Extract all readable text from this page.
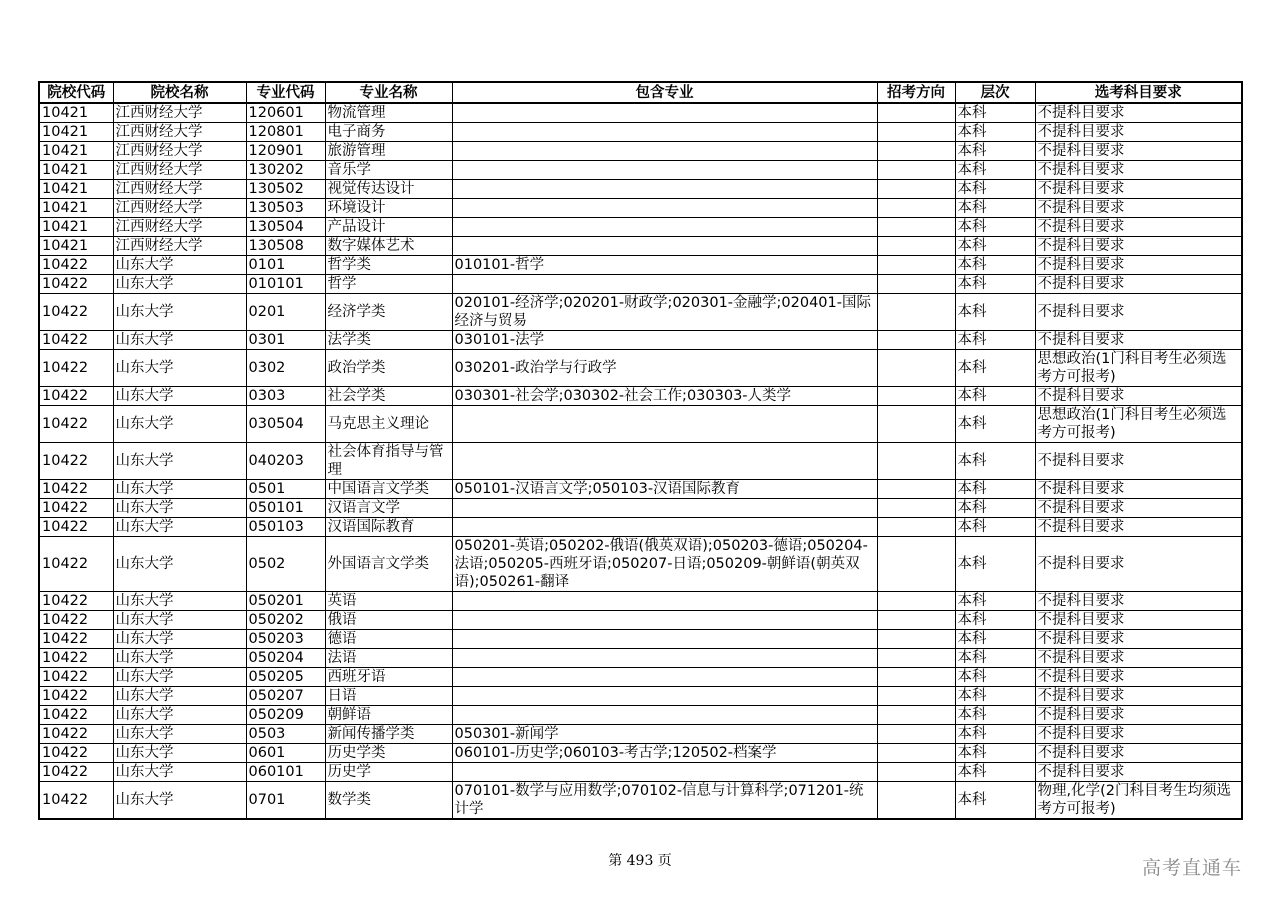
院校代码	院校名称	专业代码	专业名称	包含专业	招考方向	层次	选考科目要求
10421	江西财经大学	120601	物流管理			本科	不提科目要求
10421	江西财经大学	120801	电子商务			本科	不提科目要求
10421	江西财经大学	120901	旅游管理			本科	不提科目要求
10421	江西财经大学	130202	音乐学			本科	不提科目要求
10421	江西财经大学	130502	视觉传达设计			本科	不提科目要求
10421	江西财经大学	130503	环境设计			本科	不提科目要求
10421	江西财经大学	130504	产品设计			本科	不提科目要求
10421	江西财经大学	130508	数字媒体艺术			本科	不提科目要求
10422	山东大学	0101	哲学类	010101-哲学		本科	不提科目要求
10422	山东大学	010101	哲学			本科	不提科目要求
10422	山东大学	0201	经济学类	020101-经济学;020201-财政学;020301-金融学;020401-国际经济与贸易		本科	不提科目要求
10422	山东大学	0301	法学类	030101-法学		本科	不提科目要求
10422	山东大学	0302	政治学类	030201-政治学与行政学		本科	思想政治(1门科目考生必须选考方可报考)
10422	山东大学	0303	社会学类	030301-社会学;030302-社会工作;030303-人类学		本科	不提科目要求
10422	山东大学	030504	马克思主义理论			本科	思想政治(1门科目考生必须选考方可报考)
10422	山东大学	040203	社会体育指导与管理			本科	不提科目要求
10422	山东大学	0501	中国语言文学类	050101-汉语言文学;050103-汉语国际教育		本科	不提科目要求
10422	山东大学	050101	汉语言文学			本科	不提科目要求
10422	山东大学	050103	汉语国际教育			本科	不提科目要求
10422	山东大学	0502	外国语言文学类	050201-英语;050202-俄语(俄英双语);050203-德语;050204-法语;050205-西班牙语;050207-日语;050209-朝鲜语(朝英双语);050261-翻译		本科	不提科目要求
10422	山东大学	050201	英语			本科	不提科目要求
10422	山东大学	050202	俄语			本科	不提科目要求
10422	山东大学	050203	德语			本科	不提科目要求
10422	山东大学	050204	法语			本科	不提科目要求
10422	山东大学	050205	西班牙语			本科	不提科目要求
10422	山东大学	050207	日语			本科	不提科目要求
10422	山东大学	050209	朝鲜语			本科	不提科目要求
10422	山东大学	0503	新闻传播学类	050301-新闻学		本科	不提科目要求
10422	山东大学	0601	历史学类	060101-历史学;060103-考古学;120502-档案学		本科	不提科目要求
10422	山东大学	060101	历史学			本科	不提科目要求
10422	山东大学	0701	数学类	070101-数学与应用数学;070102-信息与计算科学;071201-统计学		本科	物理,化学(2门科目考生均须选考方可报考)
第 493 页	高考直通车
